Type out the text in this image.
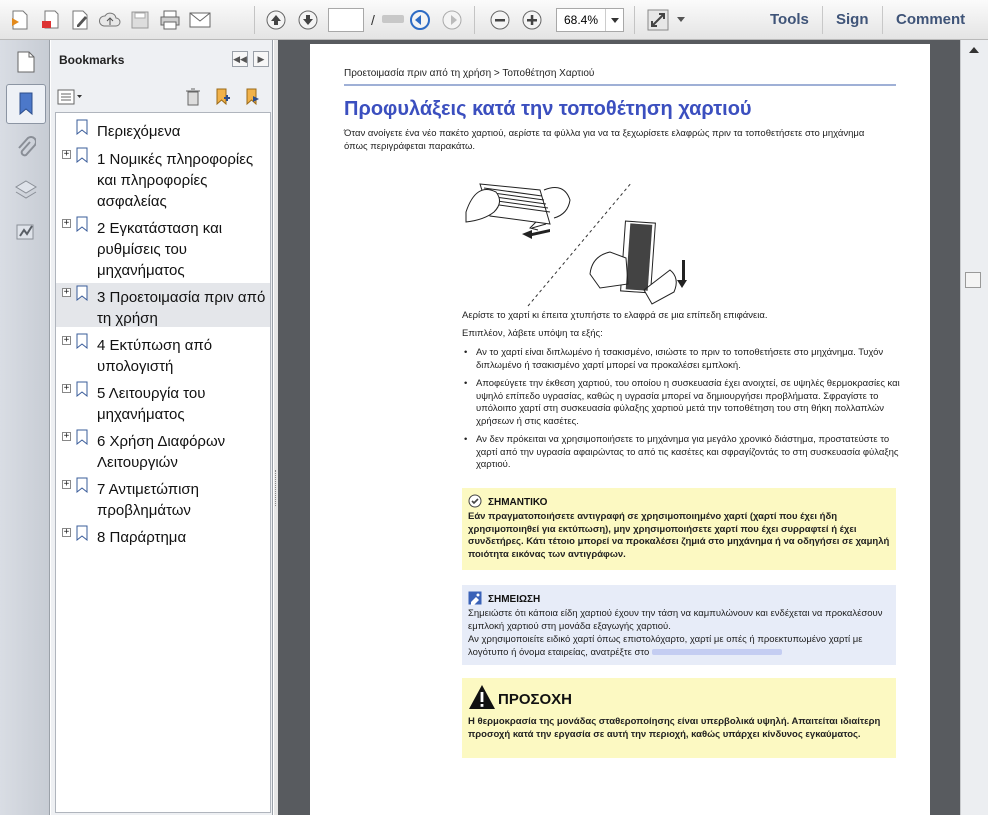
/	68.4%	Tools Sign Comment
Bookmarks	◀◀	▶
Περιεχόμενα
+ 1 Νομικές πληροφορίες και πληροφορίες ασφαλείας
+ 2 Εγκατάσταση και ρυθμίσεις του μηχανήματος
+ 3 Προετοιμασία πριν από τη χρήση
+ 4 Εκτύπωση από υπολογιστή
+ 5 Λειτουργία του μηχανήματος
+ 6 Χρήση Διαφόρων Λειτουργιών
+ 7 Αντιμετώπιση προβλημάτων
+ 8 Παράρτημα
Προετοιμασία πριν από τη χρήση > Τοποθέτηση Χαρτιού
Προφυλάξεις κατά την τοποθέτηση χαρτιού
Όταν ανοίγετε ένα νέο πακέτο χαρτιού, αερίστε τα φύλλα για να τα ξεχωρίσετε ελαφρώς πριν τα τοποθετήσετε στο μηχάνημα όπως περιγράφεται παρακάτω.
Αερίστε το χαρτί κι έπειτα χτυπήστε το ελαφρά σε μια επίπεδη επιφάνεια.
Επιπλέον, λάβετε υπόψη τα εξής:
• Αν το χαρτί είναι διπλωμένο ή τσακισμένο, ισιώστε το πριν το τοποθετήσετε στο μηχάνημα. Τυχόν διπλωμένο ή τσακισμένο χαρτί μπορεί να προκαλέσει εμπλοκή.
• Αποφεύγετε την έκθεση χαρτιού, του οποίου η συσκευασία έχει ανοιχτεί, σε υψηλές θερμοκρασίες και υψηλό επίπεδο υγρασίας, καθώς η υγρασία μπορεί να δημιουργήσει προβλήματα. Σφραγίστε το υπόλοιπο χαρτί στη συσκευασία φύλαξης χαρτιού μετά την τοποθέτηση του στη θήκη πολλαπλών χρήσεων ή στις κασέτες.
• Αν δεν πρόκειται να χρησιμοποιήσετε το μηχάνημα για μεγάλο χρονικό διάστημα, προστατεύστε το χαρτί από την υγρασία αφαιρώντας το από τις κασέτες και σφραγίζοντάς το στη συσκευασία φύλαξης χαρτιού.
ΣΗΜΑΝΤΙΚΟ
Εάν πραγματοποιήσετε αντιγραφή σε χρησιμοποιημένο χαρτί (χαρτί που έχει ήδη χρησιμοποιηθεί για εκτύπωση), μην χρησιμοποιήσετε χαρτί που έχει συρραφτεί ή έχει συνδετήρες. Κάτι τέτοιο μπορεί να προκαλέσει ζημιά στο μηχάνημα ή να οδηγήσει σε χαμηλή ποιότητα εικόνας των αντιγράφων.
ΣΗΜΕΙΩΣΗ
Σημειώστε ότι κάποια είδη χαρτιού έχουν την τάση να καμπυλώνουν και ενδέχεται να προκαλέσουν εμπλοκή χαρτιού στη μονάδα εξαγωγής χαρτιού.
Αν χρησιμοποιείτε ειδικό χαρτί όπως επιστολόχαρτο, χαρτί με οπές ή προεκτυπωμένο χαρτί με λογότυπο ή όνομα εταιρείας, ανατρέξτε στο
ΠΡΟΣΟΧΗ
Η θερμοκρασία της μονάδας σταθεροποίησης είναι υπερβολικά υψηλή. Απαιτείται ιδιαίτερη προσοχή κατά την εργασία σε αυτή την περιοχή, καθώς υπάρχει κίνδυνος εγκαύματος.
